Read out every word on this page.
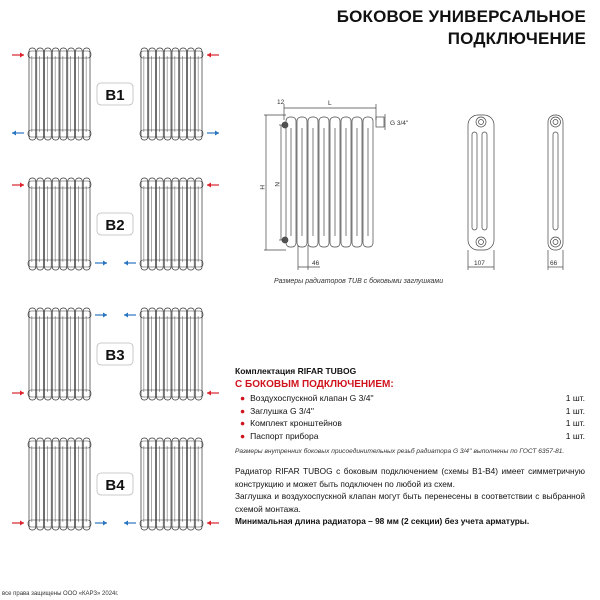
БОКОВОЕ УНИВЕРСАЛЬНОЕ
ПОДКЛЮЧЕНИЕ
B1
B2
B3
B4
12	L
H
N
46
G 3/4''
107	66
Размеры радиаторов TUB с боковыми заглушками
Комплектация RIFAR TUBOG
С БОКОВЫМ ПОДКЛЮЧЕНИЕМ:
● Воздухоспускной клапан G 3/4''	1 шт.
● Заглушка G 3/4''	1 шт.
● Комплект кронштейнов	1 шт.
● Паспорт прибора	1 шт.
Размеры внутренних боковых присоединительных резьб радиатора G 3/4'' выполнены по ГОСТ 6357-81.
Радиатор RIFAR TUBOG с боковым подключением (схемы В1-В4) имеет симметричную конструкцию и может быть подключен по любой из схем.
Заглушка и воздухоспускной клапан могут быть перенесены в соответствии с выбранной схемой монтажа.
Минимальная длина радиатора – 98 мм (2 секции) без учета арматуры.
все права защищены ООО «КАРЗ» 2024г.
